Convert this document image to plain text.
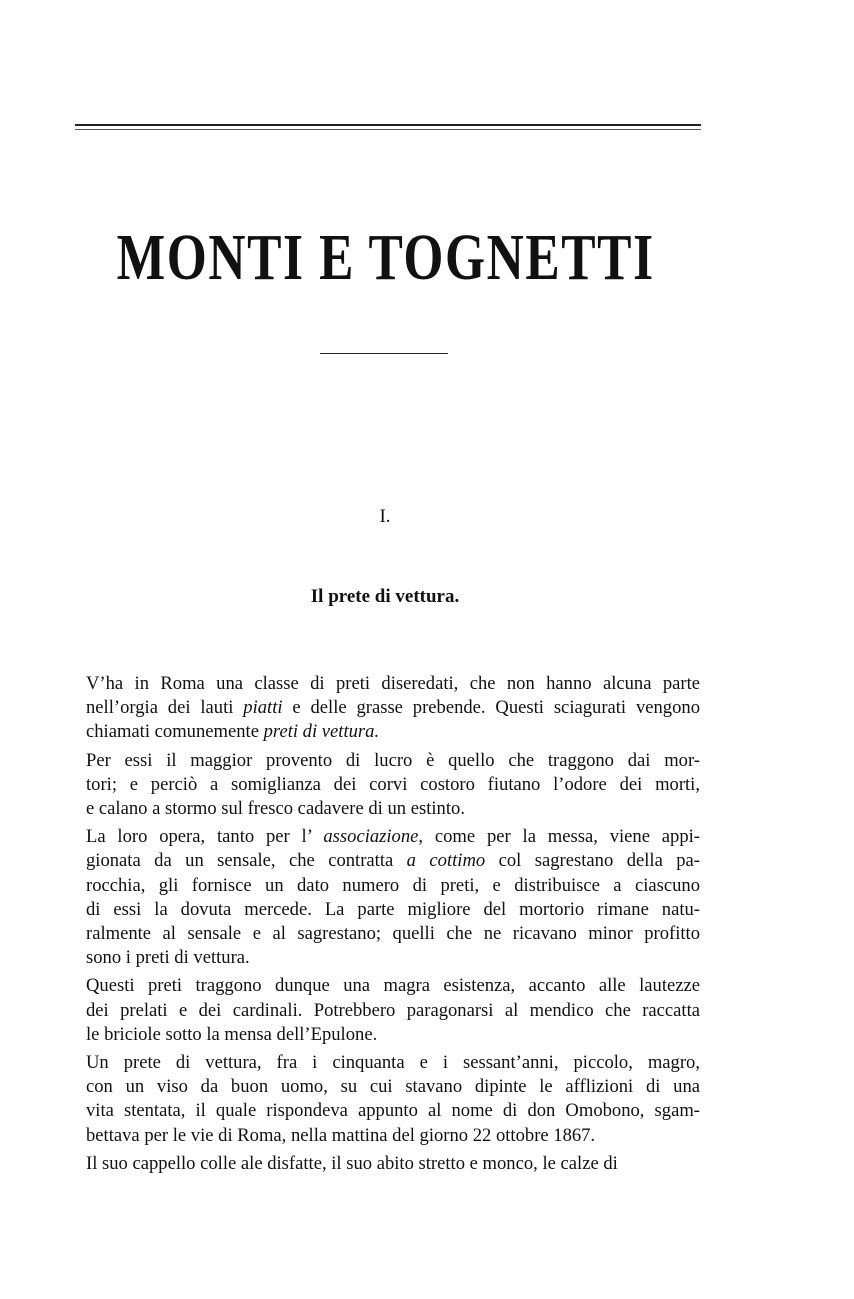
MONTI E TOGNETTI

I.

Il prete di vettura.

V’ha in Roma una classe di preti diseredati, che non hanno alcuna parte
nell’orgia dei lauti piatti e delle grasse prebende. Questi sciagurati vengono
chiamati comunemente preti di vettura.

Per essi il maggior provento di lucro è quello che traggono dai mor-
tori; e perciò a somiglianza dei corvi costoro fiutano l’odore dei morti,
e calano a stormo sul fresco cadavere di un estinto.

La loro opera, tanto per l’ associazione, come per la messa, viene appi-
gionata da un sensale, che contratta a cottimo col sagrestano della pa-
rocchia, gli fornisce un dato numero di preti, e distribuisce a ciascuno
di essi la dovuta mercede. La parte migliore del mortorio rimane natu-
ralmente al sensale e al sagrestano; quelli che ne ricavano minor profitto
sono i preti di vettura.

Questi preti traggono dunque una magra esistenza, accanto alle lautezze
dei prelati e dei cardinali. Potrebbero paragonarsi al mendico che raccatta
le briciole sotto la mensa dell’Epulone.

Un prete di vettura, fra i cinquanta e i sessant’anni, piccolo, magro,
con un viso da buon uomo, su cui stavano dipinte le afflizioni di una
vita stentata, il quale rispondeva appunto al nome di don Omobono, sgam-
bettava per le vie di Roma, nella mattina del giorno 22 ottobre 1867.

Il suo cappello colle ale disfatte, il suo abito stretto e monco, le calze di
